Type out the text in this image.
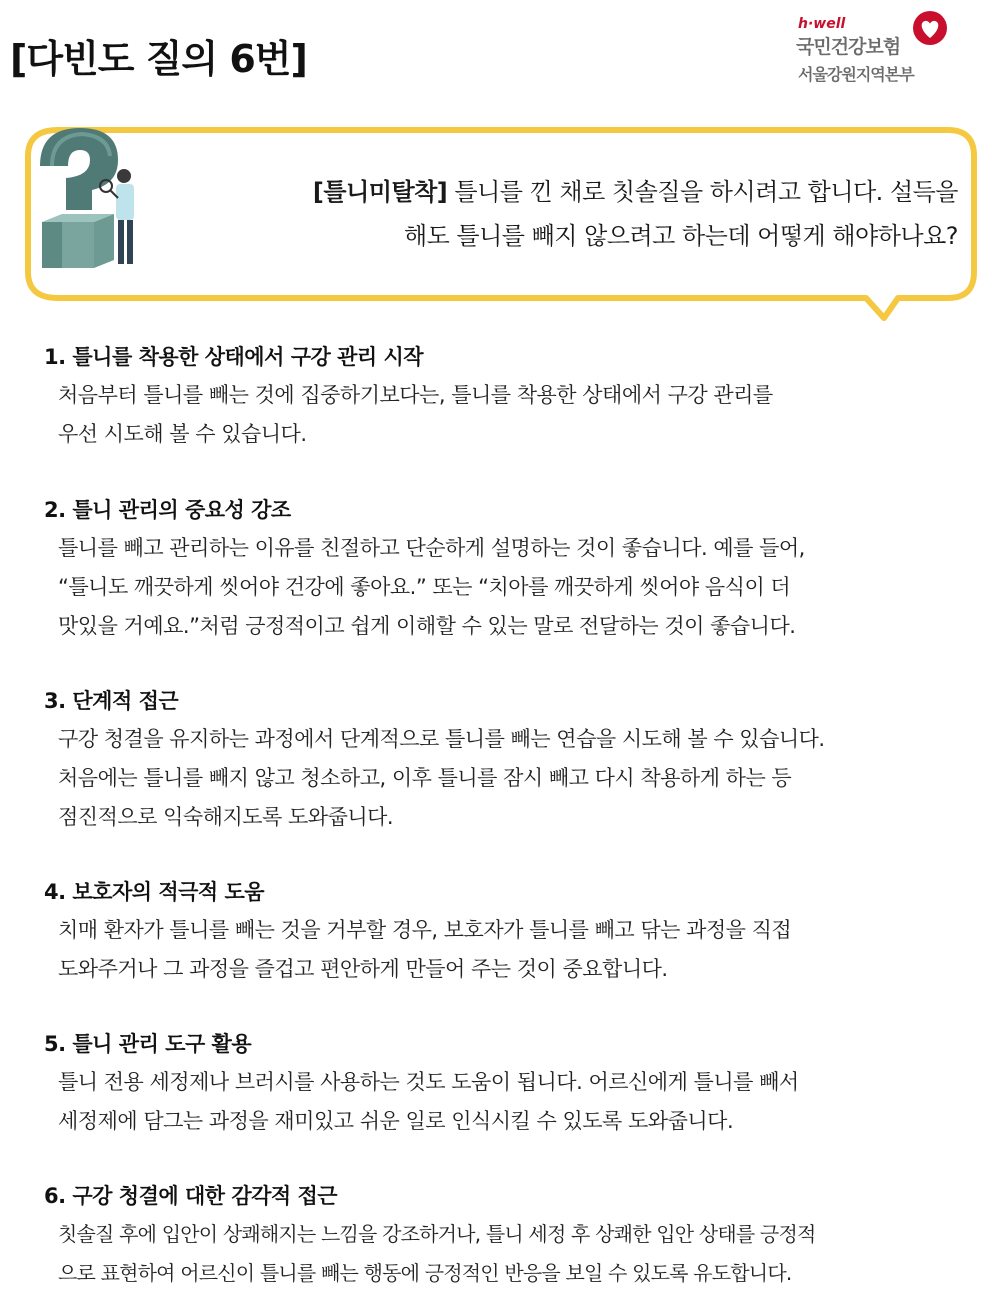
[다빈도 질의 6번]
h·well
국민건강보험
서울강원지역본부
[틀니미탈착] 틀니를 낀 채로 칫솔질을 하시려고 합니다. 설득을
해도 틀니를 빼지 않으려고 하는데 어떻게 해야하나요?
1. 틀니를 착용한 상태에서 구강 관리 시작

처음부터 틀니를 빼는 것에 집중하기보다는, 틀니를 착용한 상태에서 구강 관리를

우선 시도해 볼 수 있습니다.

2. 틀니 관리의 중요성 강조

틀니를 빼고 관리하는 이유를 친절하고 단순하게 설명하는 것이 좋습니다. 예를 들어,

“틀니도 깨끗하게 씻어야 건강에 좋아요.” 또는 “치아를 깨끗하게 씻어야 음식이 더

맛있을 거예요.”처럼 긍정적이고 쉽게 이해할 수 있는 말로 전달하는 것이 좋습니다.

3. 단계적 접근

구강 청결을 유지하는 과정에서 단계적으로 틀니를 빼는 연습을 시도해 볼 수 있습니다.

처음에는 틀니를 빼지 않고 청소하고, 이후 틀니를 잠시 빼고 다시 착용하게 하는 등

점진적으로 익숙해지도록 도와줍니다.

4. 보호자의 적극적 도움

치매 환자가 틀니를 빼는 것을 거부할 경우, 보호자가 틀니를 빼고 닦는 과정을 직접

도와주거나 그 과정을 즐겁고 편안하게 만들어 주는 것이 중요합니다.

5. 틀니 관리 도구 활용

틀니 전용 세정제나 브러시를 사용하는 것도 도움이 됩니다. 어르신에게 틀니를 빼서

세정제에 담그는 과정을 재미있고 쉬운 일로 인식시킬 수 있도록 도와줍니다.

6. 구강 청결에 대한 감각적 접근

칫솔질 후에 입안이 상쾌해지는 느낌을 강조하거나, 틀니 세정 후 상쾌한 입안 상태를 긍정적

으로 표현하여 어르신이 틀니를 빼는 행동에 긍정적인 반응을 보일 수 있도록 유도합니다.
